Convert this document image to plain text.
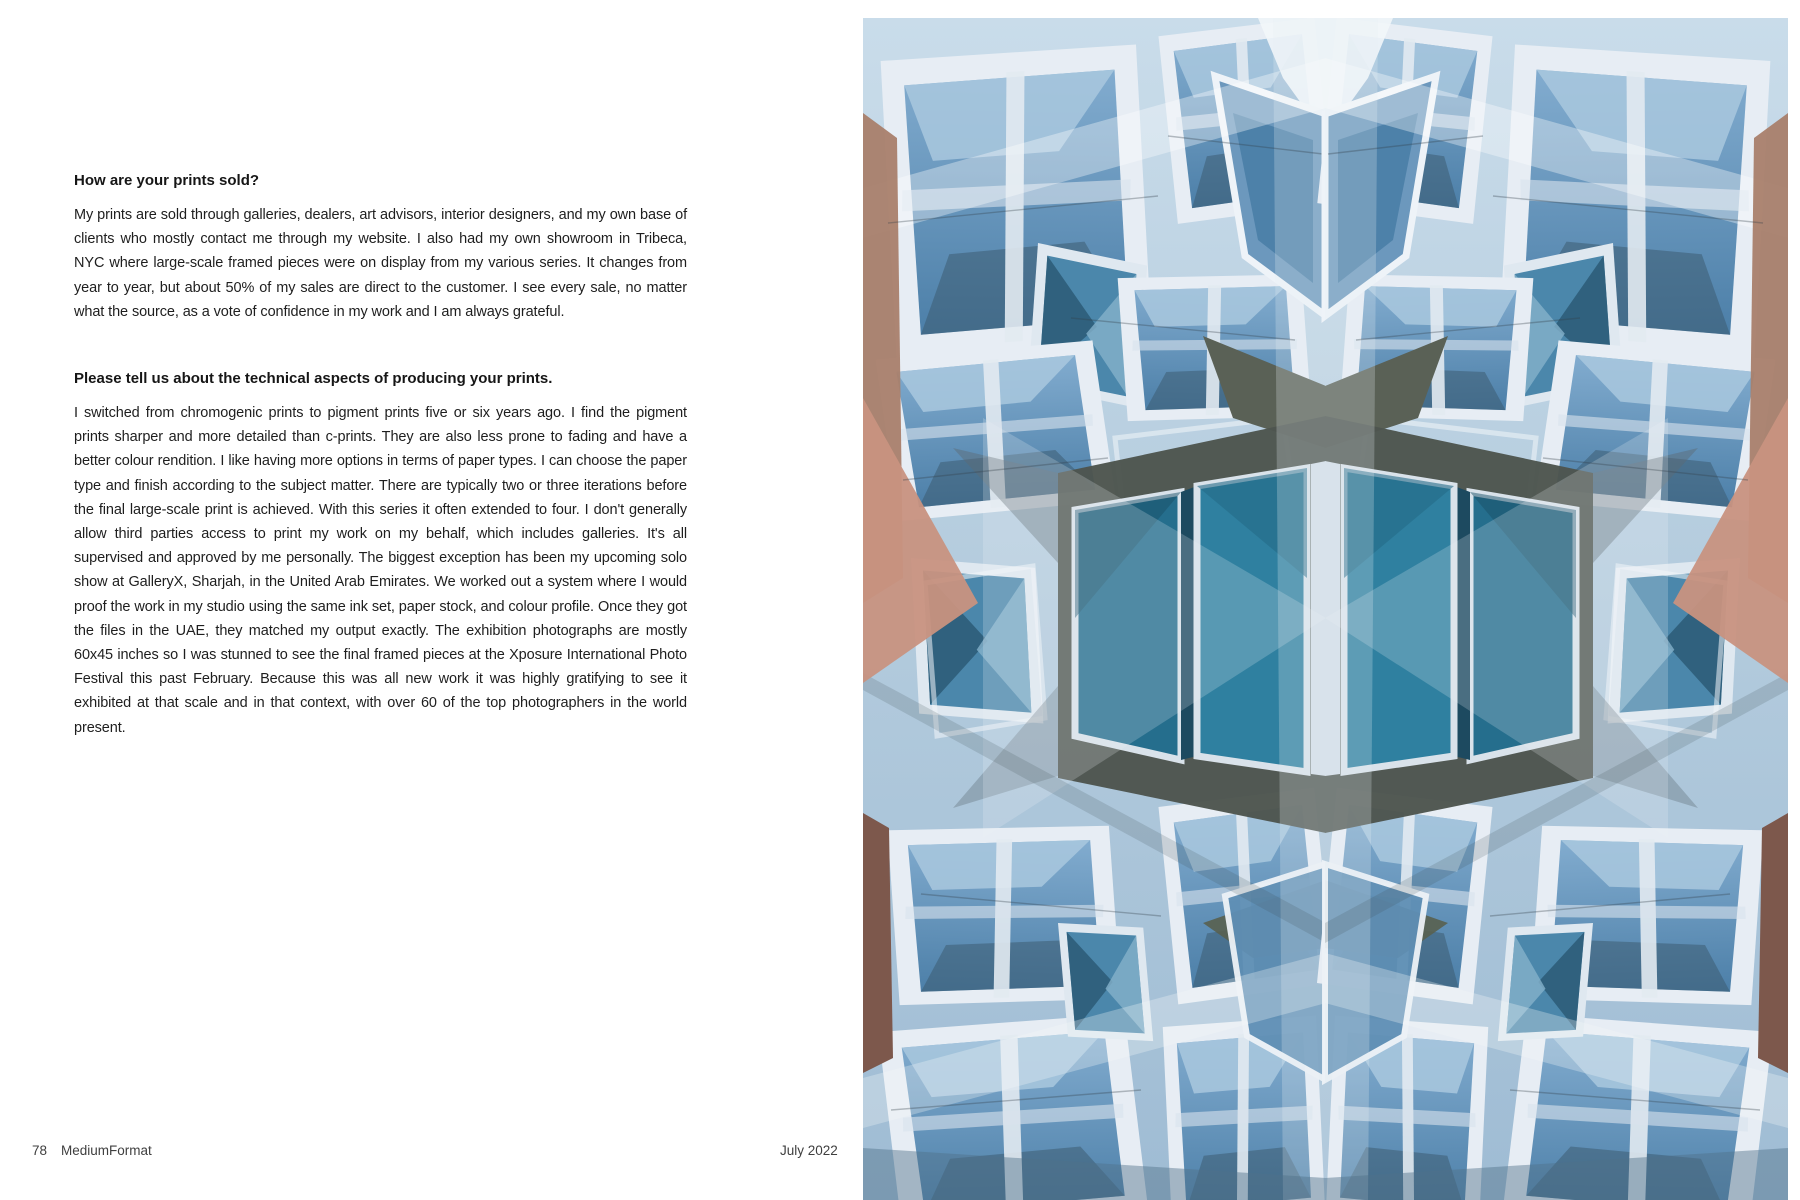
How are your prints sold?

My prints are sold through galleries, dealers, art advisors, interior designers, and my own base of clients who mostly contact me through my website. I also had my own showroom in Tribeca, NYC where large-scale framed pieces were on display from my various series. It changes from year to year, but about 50% of my sales are direct to the customer. I see every sale, no matter what the source, as a vote of confidence in my work and I am always grateful.

Please tell us about the technical aspects of producing your prints.

I switched from chromogenic prints to pigment prints five or six years ago. I find the pigment prints sharper and more detailed than c-prints. They are also less prone to fading and have a better colour rendition. I like having more options in terms of paper types. I can choose the paper type and finish according to the subject matter. There are typically two or three iterations before the final large-scale print is achieved. With this series it often extended to four. I don't generally allow third parties access to print my work on my behalf, which includes galleries. It's all supervised and approved by me personally. The biggest exception has been my upcoming solo show at GalleryX, Sharjah, in the United Arab Emirates. We worked out a system where I would proof the work in my studio using the same ink set, paper stock, and colour profile. Once they got the files in the UAE, they matched my output exactly. The exhibition photographs are mostly 60x45 inches so I was stunned to see the final framed pieces at the Xposure International Photo Festival this past February. Because this was all new work it was highly gratifying to see it exhibited at that scale and in that context, with over 60 of the top photographers in the world present.

78 MediumFormat	July 2022
